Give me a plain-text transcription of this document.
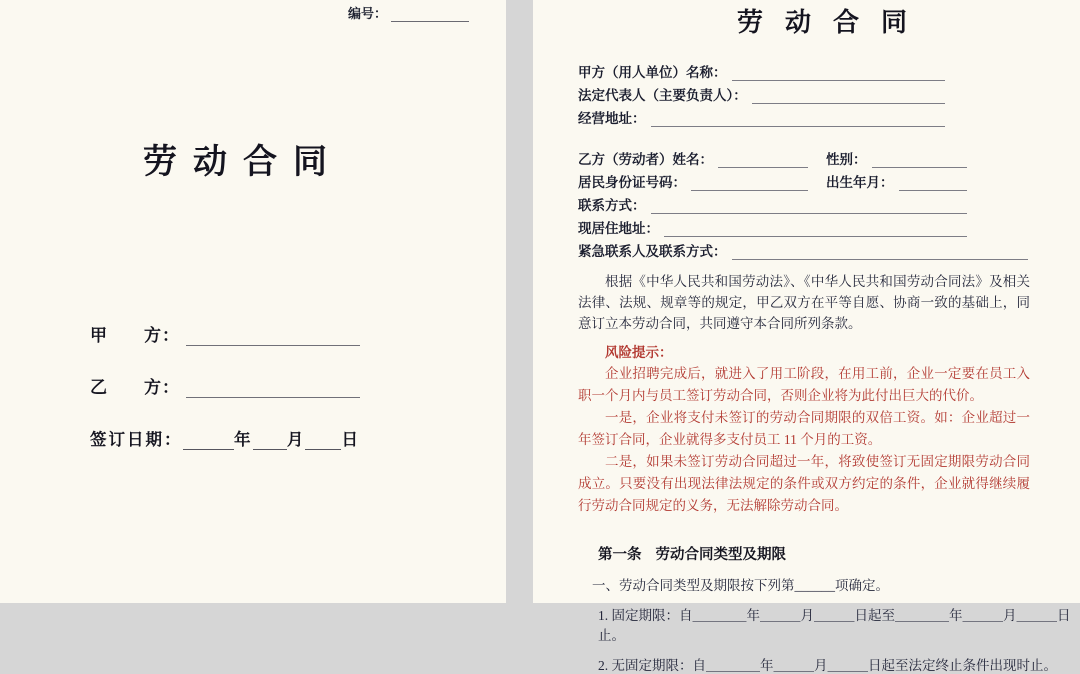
编号：
劳动合同
甲　　方：
乙　　方：
签订日期：	年 月 日
劳动合同
甲方（用人单位）名称：
法定代表人（主要负责人）：
经营地址：
乙方（劳动者）姓名：	性别：
居民身份证号码：	出生年月：
联系方式：
现居住地址：
紧急联系人及联系方式：

根据《中华人民共和国劳动法》、《中华人民共和国劳动合同法》及相关法律、法规、规章等的规定，甲乙双方在平等自愿、协商一致的基础上，同意订立本劳动合同，共同遵守本合同所列条款。

风险提示：

企业招聘完成后，就进入了用工阶段，在用工前，企业一定要在员工入职一个月内与员工签订劳动合同，否则企业将为此付出巨大的代价。

一是，企业将支付未签订的劳动合同期限的双倍工资。如：企业超过一年签订合同，企业就得多支付员工 11 个月的工资。

二是，如果未签订劳动合同超过一年，将致使签订无固定期限劳动合同成立。只要没有出现法律法规定的条件或双方约定的条件，企业就得继续履行劳动合同规定的义务，无法解除劳动合同。

第一条 劳动合同类型及期限
一、劳动合同类型及期限按下列第______项确定。
1. 固定期限：自＿＿＿＿年＿＿＿月＿＿＿日起至＿＿＿＿年＿＿＿月＿＿＿日止。
2. 无固定期限：自＿＿＿＿年＿＿＿月＿＿＿日起至法定终止条件出现时止。
